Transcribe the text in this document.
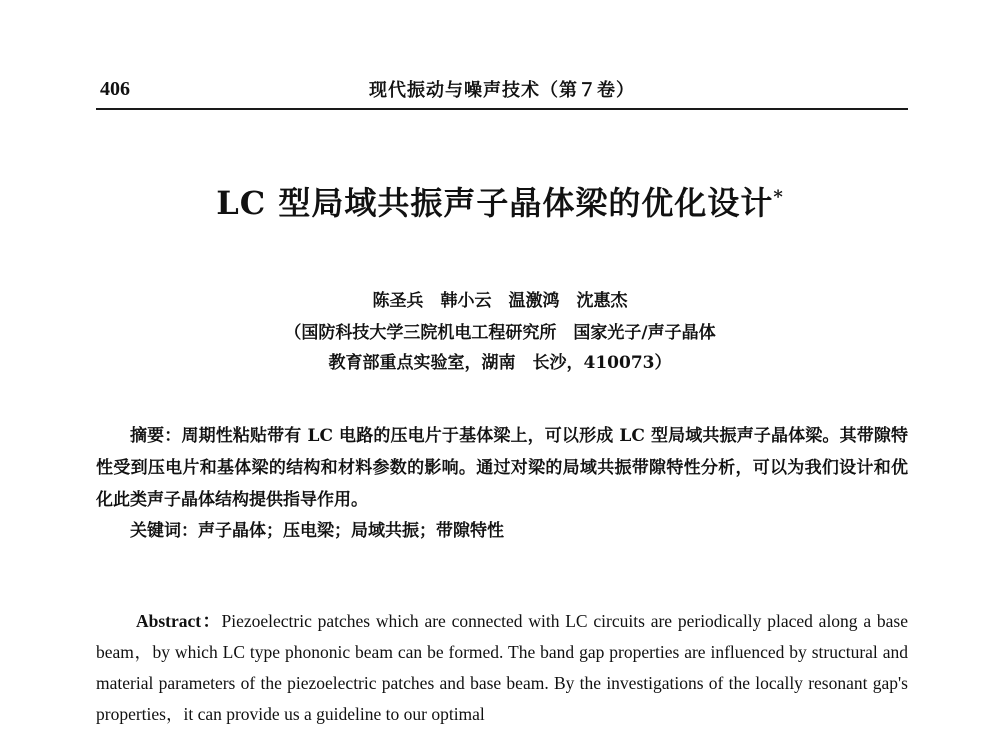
406	现代振动与噪声技术（第７卷）
LC 型局域共振声子晶体梁的优化设计*
陈圣兵　韩小云　温激鸿　沈惠杰
（国防科技大学三院机电工程研究所　国家光子/声子晶体
教育部重点实验室，湖南　长沙，410073）
摘要：周期性粘贴带有 LC 电路的压电片于基体梁上，可以形成 LC 型局域共振声子晶体梁。其带隙特性受到压电片和基体梁的结构和材料参数的影响。通过对梁的局域共振带隙特性分析，可以为我们设计和优化此类声子晶体结构提供指导作用。
关键词：声子晶体；压电梁；局域共振；带隙特性
Abstract：Piezoelectric patches which are connected with LC circuits are periodically placed along a base beam，by which LC type phononic beam can be formed. The band gap properties are influenced by structural and material parameters of the piezoelectric patches and base beam. By the investigations of the locally resonant gap's properties，it can provide us a guideline to our optimal
